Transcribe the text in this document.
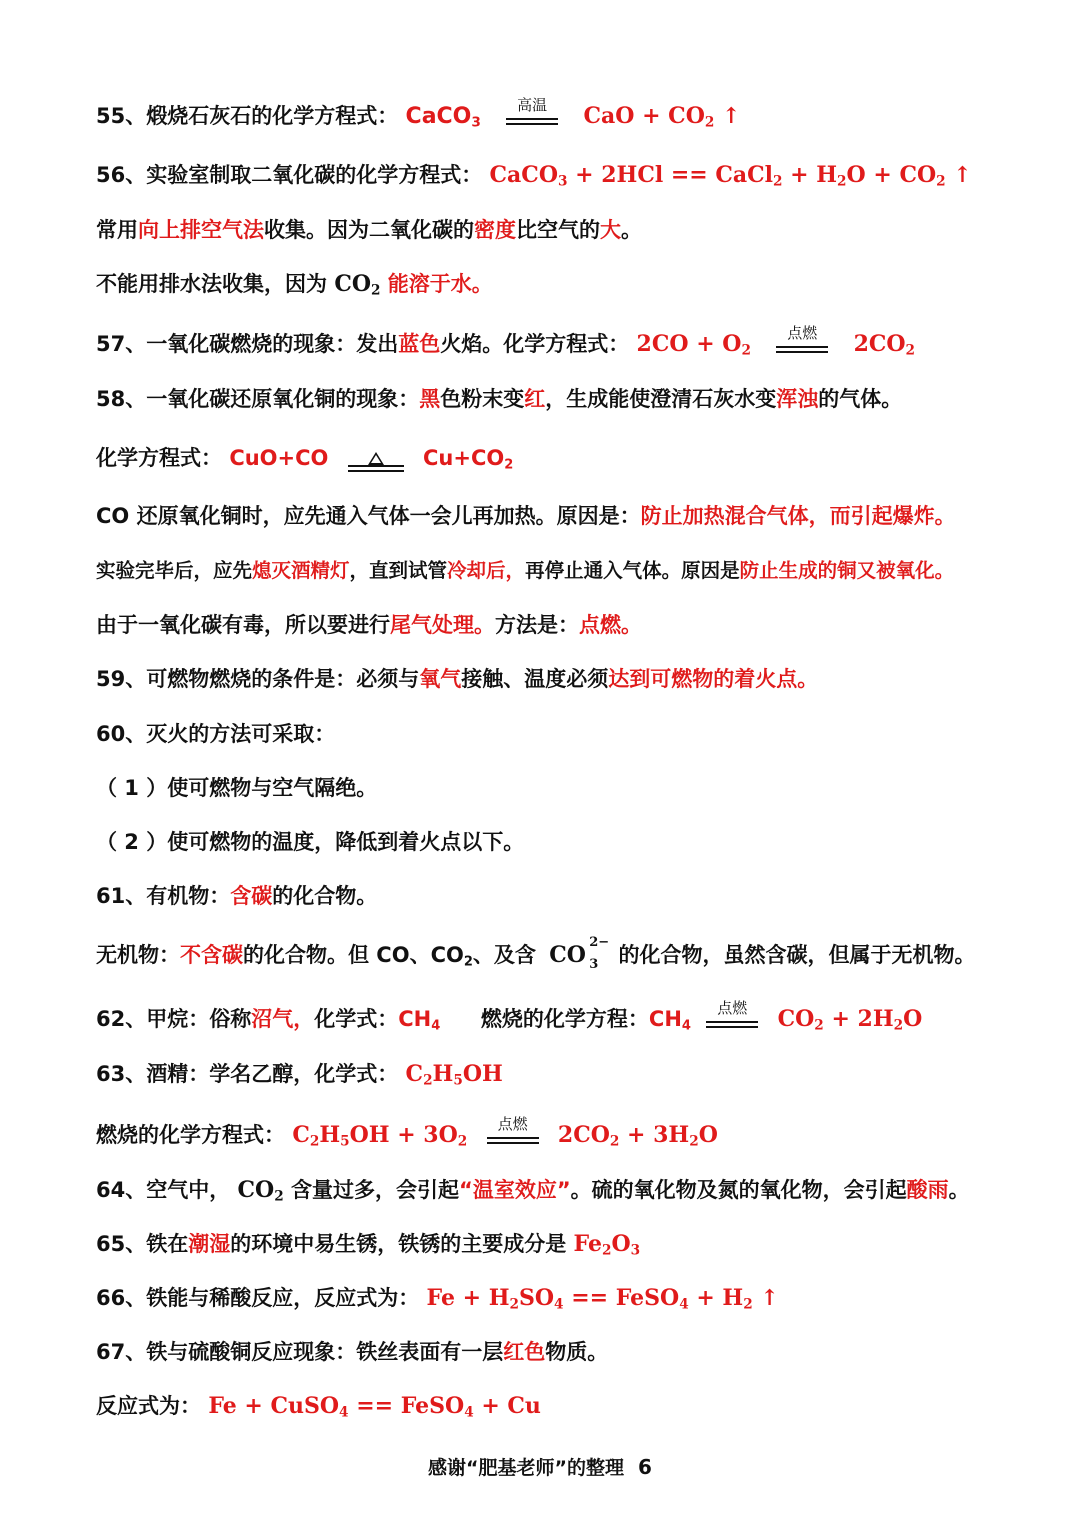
55、煅烧石灰石的化学方程式： CaCO$_3$
高温	CaO + $CO_2$ ↑
56、实验室制取二氧化碳的化学方程式： CaCO$_3$ + 2HCl == CaCl$_2$ + $H_2O + CO_2$ ↑
常用向上排空气法收集。因为二氧化碳的密度比空气的大。
不能用排水法收集，因为 $CO_2$ 能溶于水。
57、一氧化碳燃烧的现象：发出蓝色火焰。化学方程式： $2CO + O_2$
点燃	$2CO_2$
58、一氧化碳还原氧化铜的现象：黑色粉末变红，生成能使澄清石灰水变浑浊的气体。
化学方程式： CuO+CO	$Cu+CO_2$
CO 还原氧化铜时，应先通入气体一会儿再加热。原因是：防止加热混合气体，而引起爆炸。
实验完毕后，应先熄灭酒精灯，直到试管冷却后，再停止通入气体。原因是防止生成的铜又被氧化。
由于一氧化碳有毒，所以要进行尾气处理。方法是：点燃。
59、可燃物燃烧的条件是：必须与氧气接触、温度必须达到可燃物的着火点。
60、灭火的方法可采取：
（ 1 ）使可燃物与空气隔绝。
（ 2 ）使可燃物的温度，降低到着火点以下。
61、有机物：含碳的化合物。
无机物：不含碳的化合物。但 CO、$CO_2$、及含 CO 2−
3 的化合物，虽然含碳，但属于无机物。
62、甲烷：俗称沼气，化学式：$CH_4$ 燃烧的化学方程：$CH_4$
点燃	$CO_2 + 2H_2O$
63、酒精：学名乙醇，化学式： $C_2H_5OH$
燃烧的化学方程式： $C_2H_5OH + 3O_2$
点燃	$2CO_2 + 3H_2O$
64、空气中， $CO_2$ 含量过多，会引起“温室效应”。硫的氧化物及氮的氧化物，会引起酸雨。
65、铁在潮湿的环境中易生锈，铁锈的主要成分是 $Fe_2O_3$
66、铁能与稀酸反应，反应式为： $Fe + H_2SO_4$ == FeSO$_4$ + $H_2$ ↑
67、铁与硫酸铜反应现象：铁丝表面有一层红色物质。
反应式为： Fe + CuSO$_4$ == FeSO$_4$ + Cu
感谢“肥基老师”的整理 6
